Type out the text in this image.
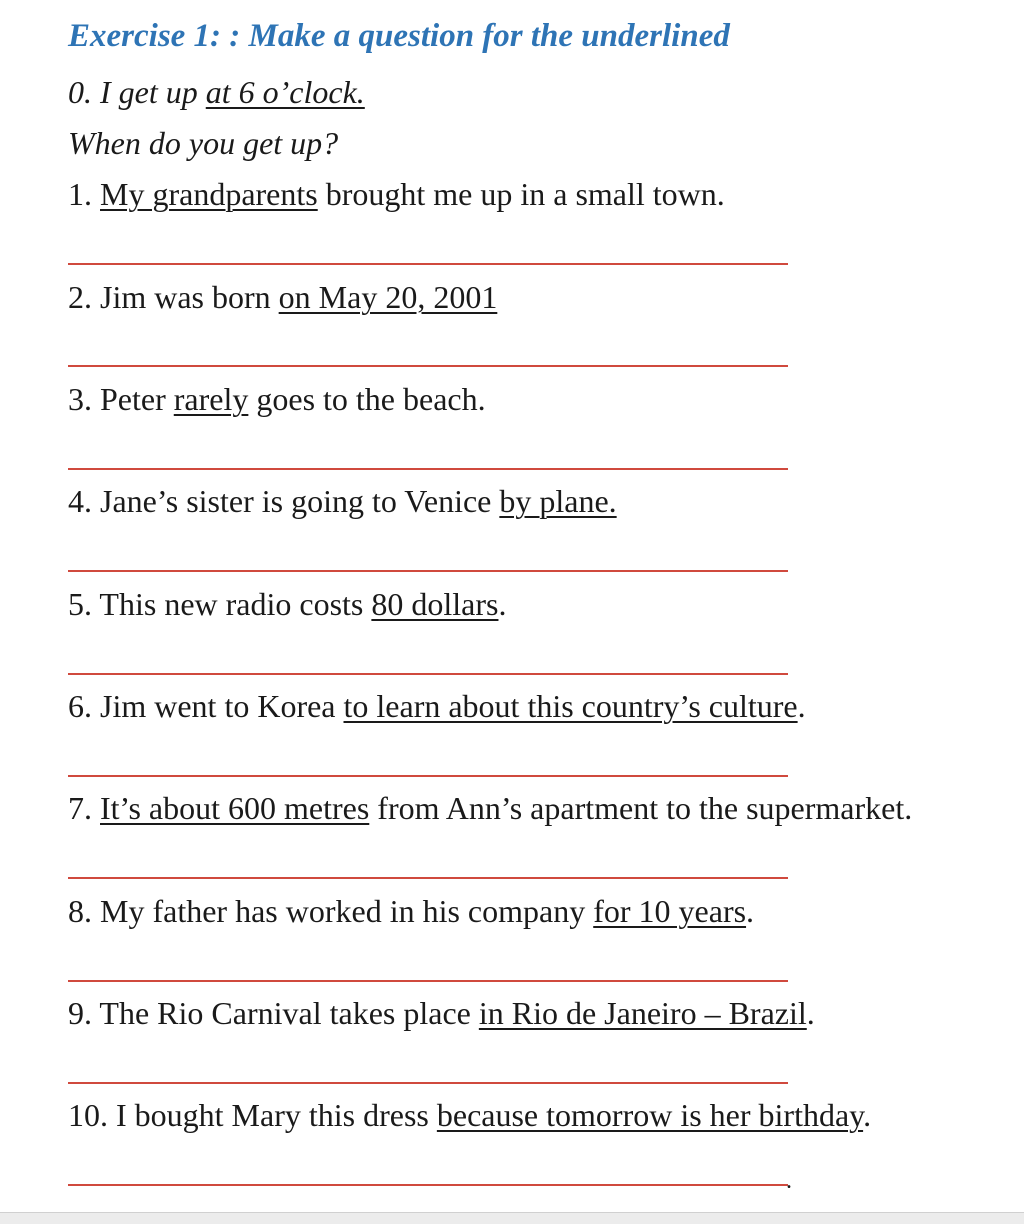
Exercise 1: : Make a question for the underlined
0. I get up at 6 o’clock.
When do you get up?
1. My grandparents brought me up in a small town.
2. Jim was born on May 20, 2001
3. Peter rarely goes to the beach.
4. Jane’s sister is going to Venice by plane.
5. This new radio costs 80 dollars.
6. Jim went to Korea to learn about this country’s culture.
7. It’s about 600 metres from Ann’s apartment to the supermarket.
8. My father has worked in his company for 10 years.
9. The Rio Carnival takes place in Rio de Janeiro – Brazil.
10. I bought Mary this dress because tomorrow is her birthday.
.
